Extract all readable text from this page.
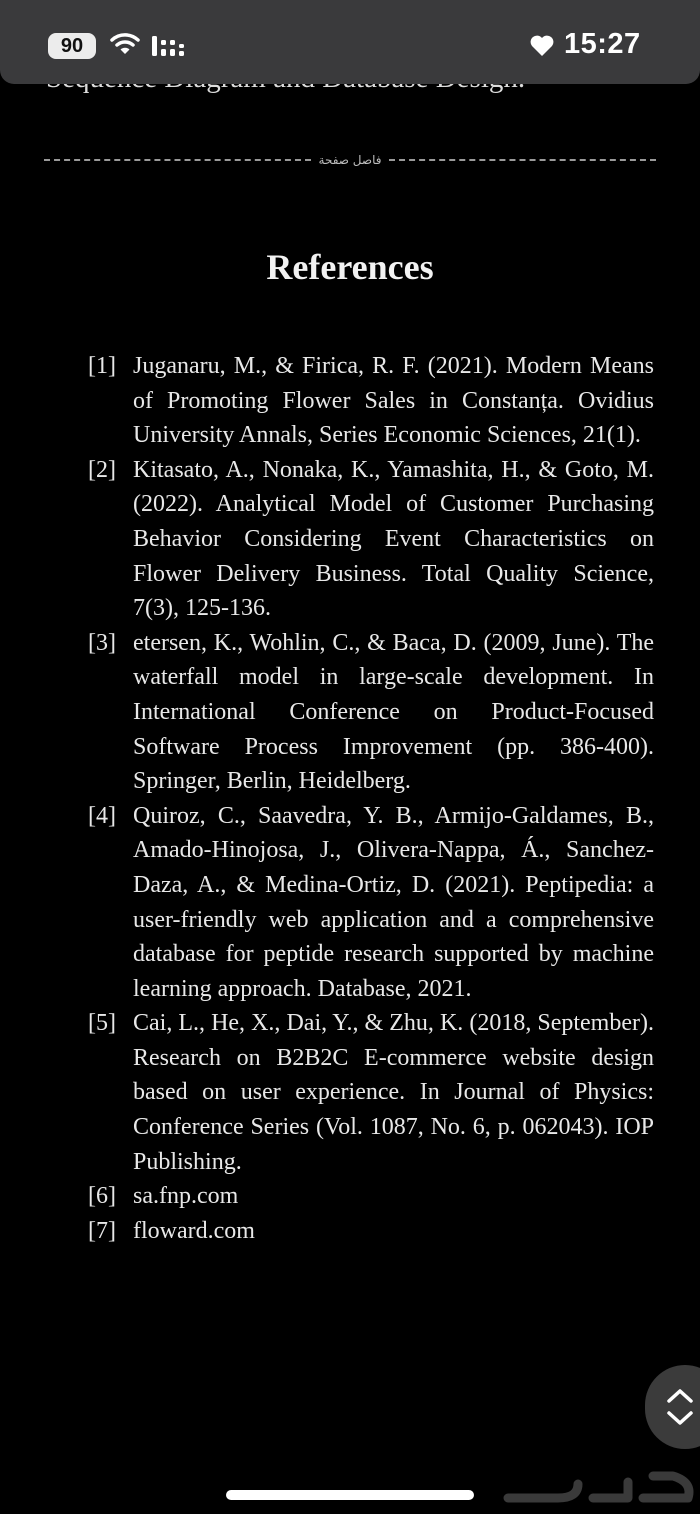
فاصل صفحة
References
[1] Juganaru, M., & Firica, R. F. (2021). Modern Means of Promoting Flower Sales in Constanța. Ovidius University Annals, Series Economic Sciences, 21(1).
[2] Kitasato, A., Nonaka, K., Yamashita, H., & Goto, M. (2022). Analytical Model of Customer Purchasing Behavior Considering Event Characteristics on Flower Delivery Business. Total Quality Science, 7(3), 125-136.
[3] etersen, K., Wohlin, C., & Baca, D. (2009, June). The waterfall model in large-scale development. In International Conference on Product-Focused Software Process Improvement (pp. 386-400). Springer, Berlin, Heidelberg.
[4] Quiroz, C., Saavedra, Y. B., Armijo-Galdames, B., Amado-Hinojosa, J., Olivera-Nappa, Á., Sanchez-Daza, A., & Medina-Ortiz, D. (2021). Peptipedia: a user-friendly web application and a comprehensive database for peptide research supported by machine learning approach. Database, 2021.
[5] Cai, L., He, X., Dai, Y., & Zhu, K. (2018, September). Research on B2B2C E-commerce website design based on user experience. In Journal of Physics: Conference Series (Vol. 1087, No. 6, p. 062043). IOP Publishing.
[6] sa.fnp.com
[7] floward.com
90	15:27
